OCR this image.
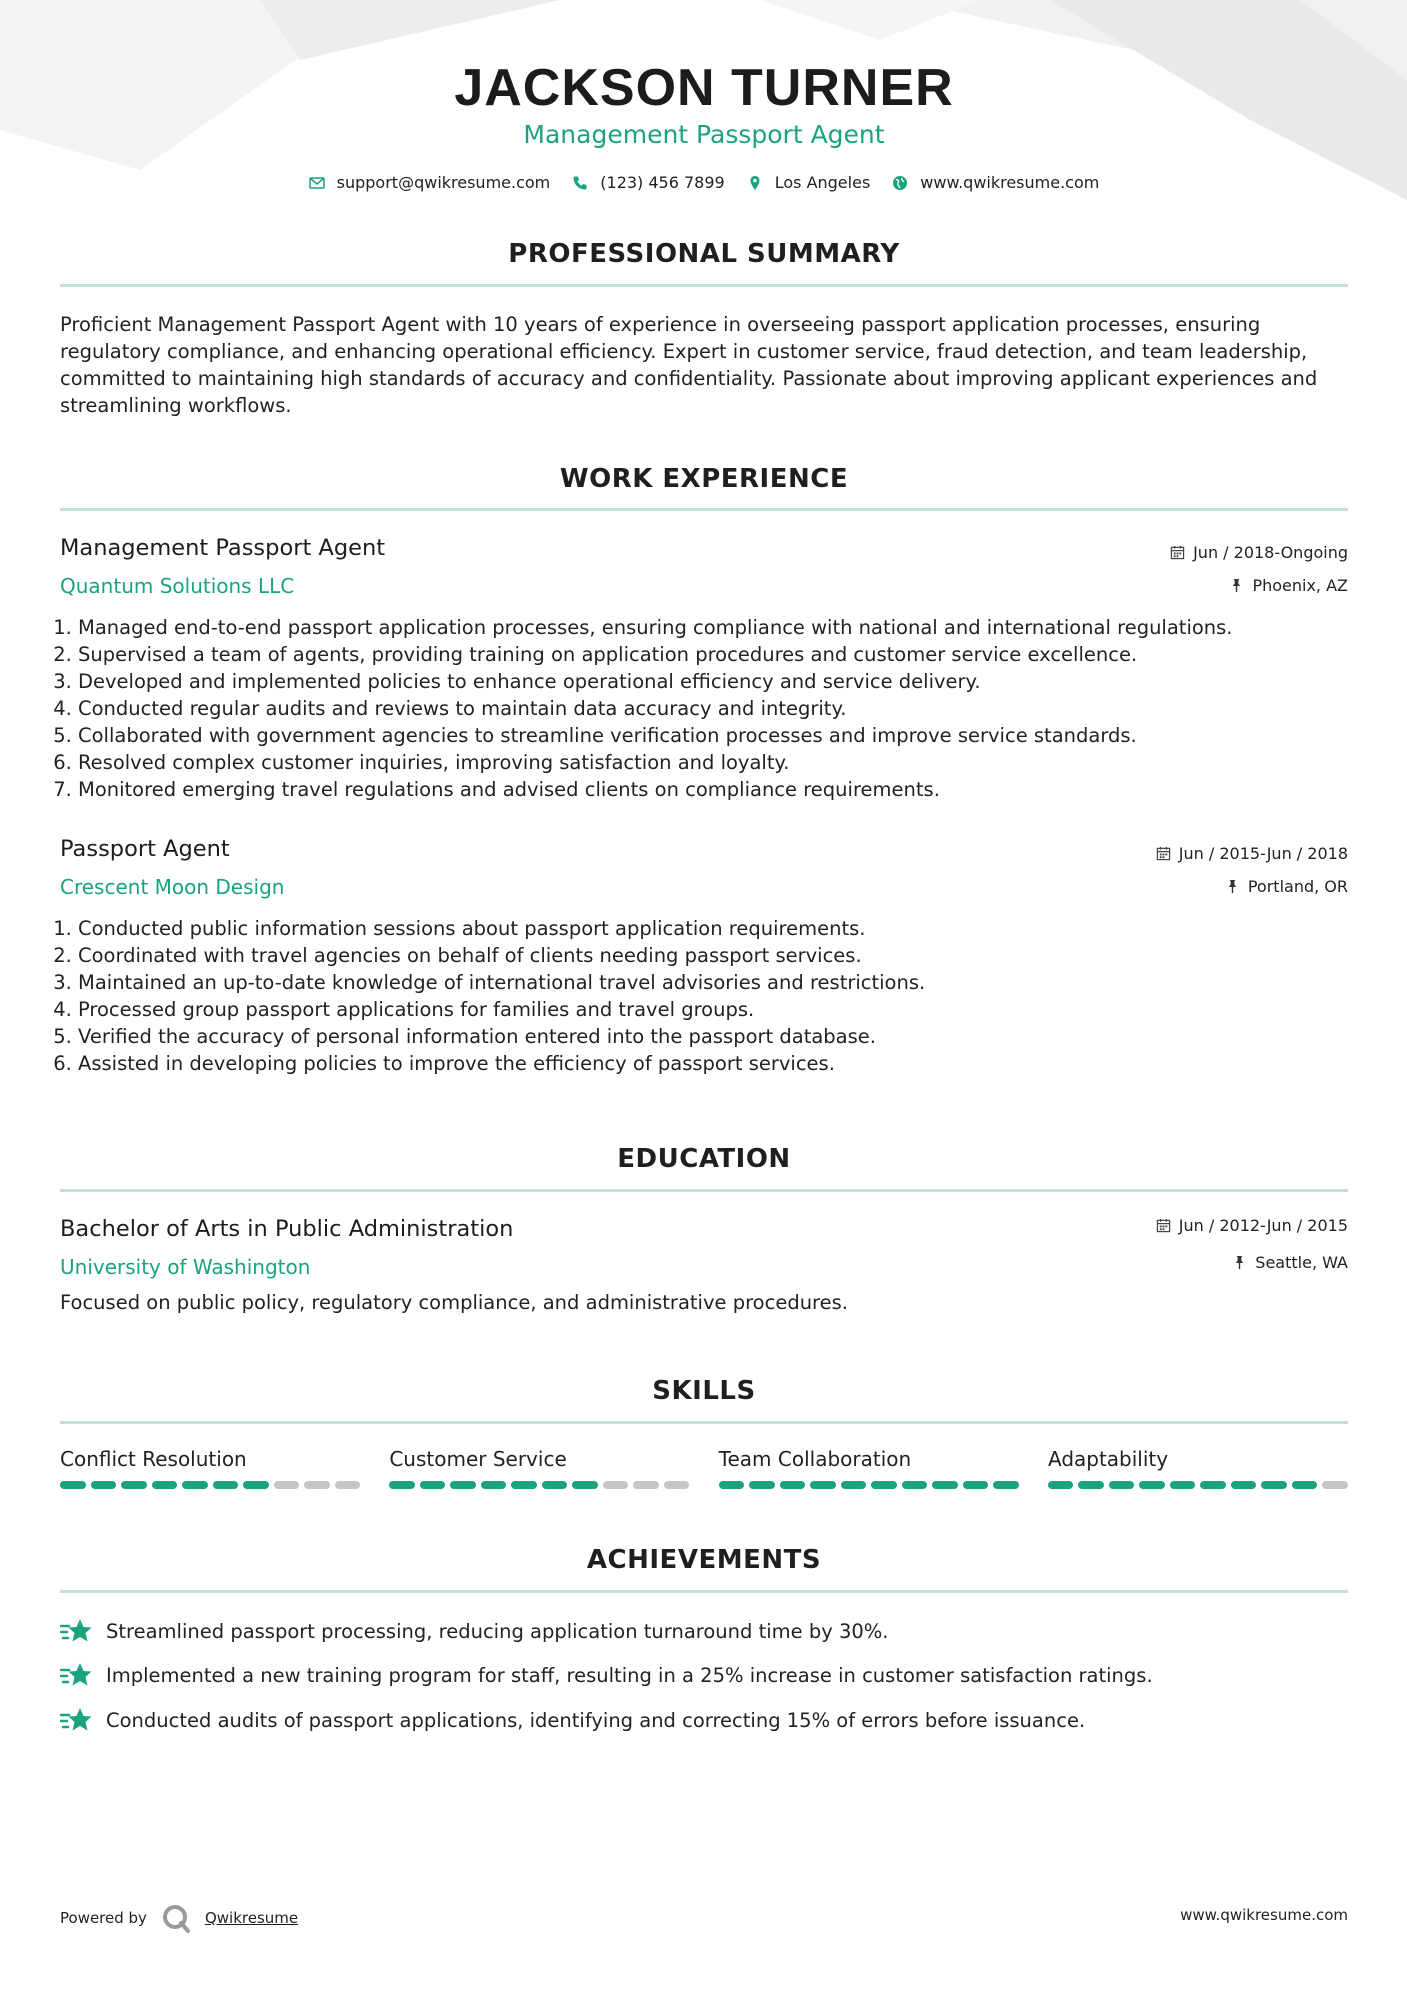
JACKSON TURNER
Management Passport Agent
support@qwikresume.com	(123) 456 7899	Los Angeles	www.qwikresume.com
PROFESSIONAL SUMMARY
Proficient Management Passport Agent with 10 years of experience in overseeing passport application processes, ensuring regulatory compliance, and enhancing operational efficiency. Expert in customer service, fraud detection, and team leadership, committed to maintaining high standards of accuracy and confidentiality. Passionate about improving applicant experiences and streamlining workflows.
WORK EXPERIENCE
Management Passport Agent	Jun / 2018-Ongoing
Quantum Solutions LLC	Phoenix, AZ
1. Managed end-to-end passport application processes, ensuring compliance with national and international regulations.
2. Supervised a team of agents, providing training on application procedures and customer service excellence.
3. Developed and implemented policies to enhance operational efficiency and service delivery.
4. Conducted regular audits and reviews to maintain data accuracy and integrity.
5. Collaborated with government agencies to streamline verification processes and improve service standards.
6. Resolved complex customer inquiries, improving satisfaction and loyalty.
7. Monitored emerging travel regulations and advised clients on compliance requirements.
Passport Agent	Jun / 2015-Jun / 2018
Crescent Moon Design	Portland, OR
1. Conducted public information sessions about passport application requirements.
2. Coordinated with travel agencies on behalf of clients needing passport services.
3. Maintained an up-to-date knowledge of international travel advisories and restrictions.
4. Processed group passport applications for families and travel groups.
5. Verified the accuracy of personal information entered into the passport database.
6. Assisted in developing policies to improve the efficiency of passport services.
EDUCATION
Bachelor of Arts in Public Administration	Jun / 2012-Jun / 2015
University of Washington	Seattle, WA
Focused on public policy, regulatory compliance, and administrative procedures.
SKILLS
Conflict Resolution	Customer Service	Team Collaboration	Adaptability
ACHIEVEMENTS
Streamlined passport processing, reducing application turnaround time by 30%.
Implemented a new training program for staff, resulting in a 25% increase in customer satisfaction ratings.
Conducted audits of passport applications, identifying and correcting 15% of errors before issuance.
Powered by	Qwikresume	www.qwikresume.com
